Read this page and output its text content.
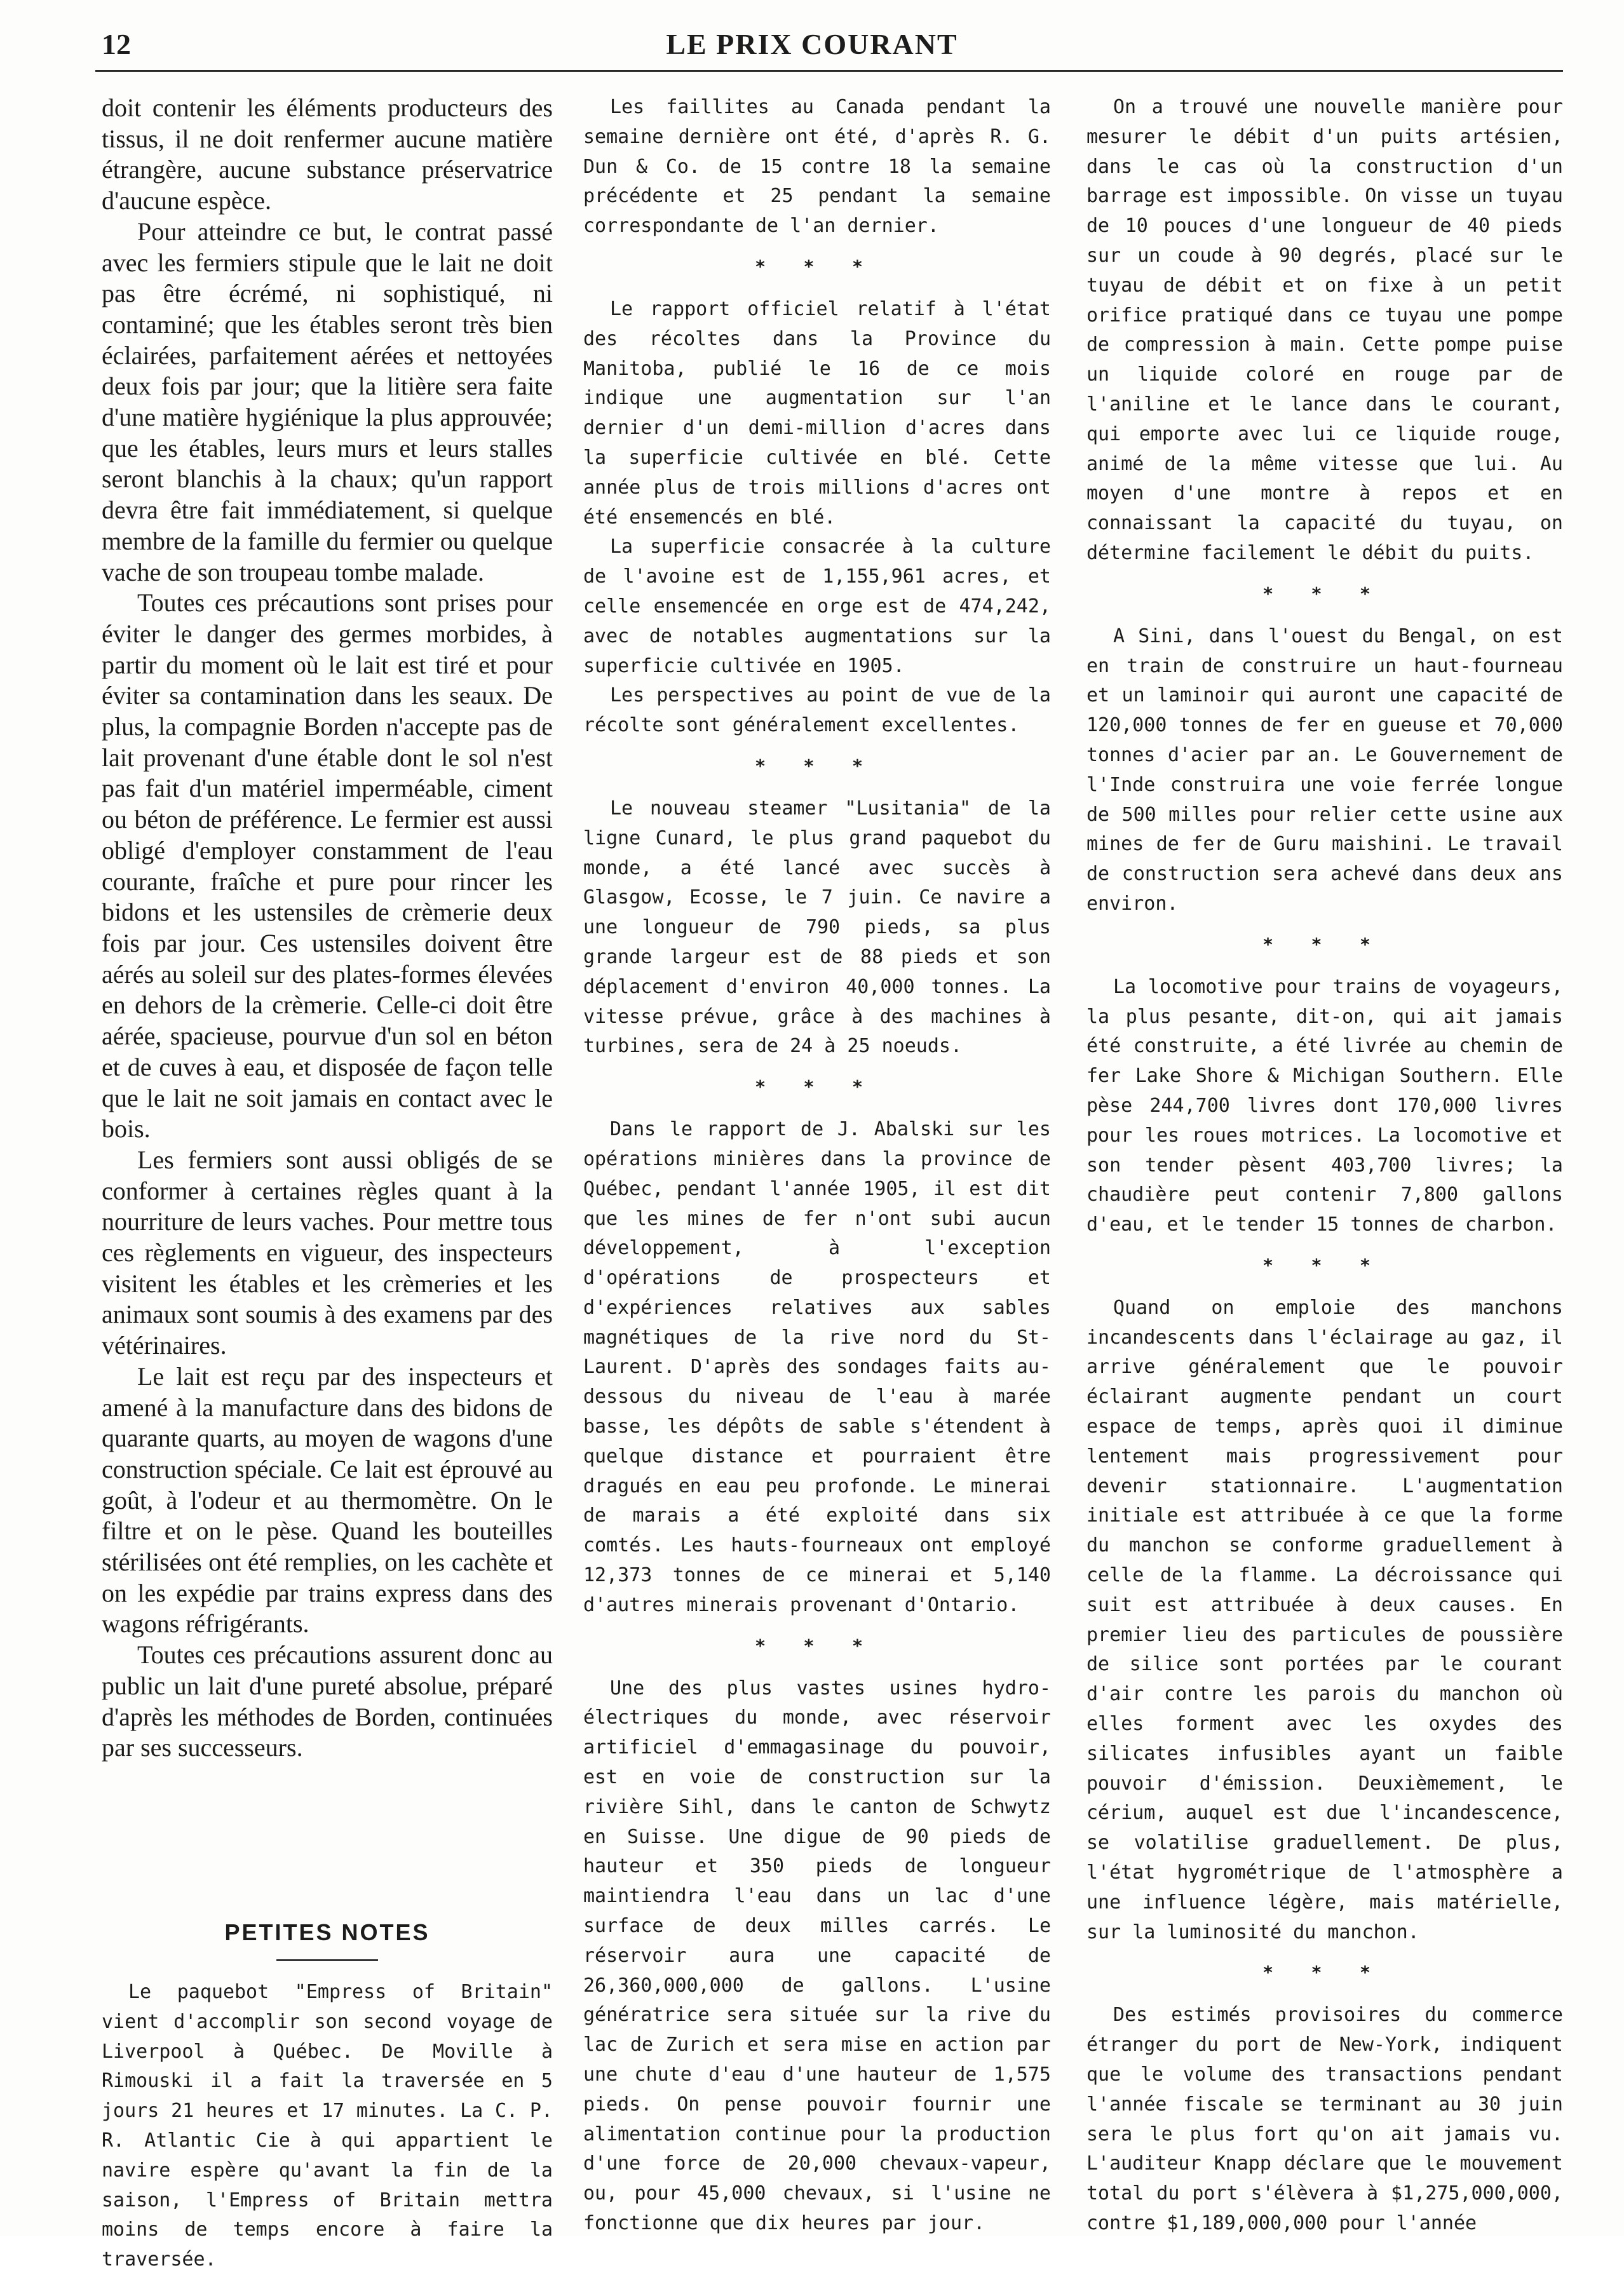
12	LE PRIX COURANT

doit contenir les éléments producteurs des tissus, il ne doit renfermer aucune matière étrangère, aucune substance préservatrice d'aucune espèce.

Pour atteindre ce but, le contrat passé avec les fermiers stipule que le lait ne doit pas être écrémé, ni sophistiqué, ni contaminé; que les étables seront très bien éclairées, parfaitement aérées et nettoyées deux fois par jour; que la litière sera faite d'une matière hygiénique la plus approuvée; que les étables, leurs murs et leurs stalles seront blanchis à la chaux; qu'un rapport devra être fait immédiatement, si quelque membre de la famille du fermier ou quelque vache de son troupeau tombe malade.

Toutes ces précautions sont prises pour éviter le danger des germes morbides, à partir du moment où le lait est tiré et pour éviter sa contamination dans les seaux. De plus, la compagnie Borden n'accepte pas de lait provenant d'une étable dont le sol n'est pas fait d'un matériel imperméable, ciment ou béton de préférence. Le fermier est aussi obligé d'employer constamment de l'eau courante, fraîche et pure pour rincer les bidons et les ustensiles de crèmerie deux fois par jour. Ces ustensiles doivent être aérés au soleil sur des plates-formes élevées en dehors de la crèmerie. Celle-ci doit être aérée, spacieuse, pourvue d'un sol en béton et de cuves à eau, et disposée de façon telle que le lait ne soit jamais en contact avec le bois.

Les fermiers sont aussi obligés de se conformer à certaines règles quant à la nourriture de leurs vaches. Pour mettre tous ces règlements en vigueur, des inspecteurs visitent les étables et les crèmeries et les animaux sont soumis à des examens par des vétérinaires.

Le lait est reçu par des inspecteurs et amené à la manufacture dans des bidons de quarante quarts, au moyen de wagons d'une construction spéciale. Ce lait est éprouvé au goût, à l'odeur et au thermomètre. On le filtre et on le pèse. Quand les bouteilles stérilisées ont été remplies, on les cachète et on les expédie par trains express dans des wagons réfrigérants.

Toutes ces précautions assurent donc au public un lait d'une pureté absolue, préparé d'après les méthodes de Borden, continuées par ses successeurs.

PETITES NOTES

Le paquebot "Empress of Britain" vient d'accomplir son second voyage de Liverpool à Québec. De Moville à Rimouski il a fait la traversée en 5 jours 21 heures et 17 minutes. La C. P. R. Atlantic Cie à qui appartient le navire espère qu'avant la fin de la saison, l'Empress of Britain mettra moins de temps encore à faire la traversée.

Les faillites au Canada pendant la semaine dernière ont été, d'après R. G. Dun & Co. de 15 contre 18 la semaine précédente et 25 pendant la semaine correspondante de l'an dernier.

* * *

Le rapport officiel relatif à l'état des récoltes dans la Province du Manitoba, publié le 16 de ce mois indique une augmentation sur l'an dernier d'un demi-million d'acres dans la superficie cultivée en blé. Cette année plus de trois millions d'acres ont été ensemencés en blé.

La superficie consacrée à la culture de l'avoine est de 1,155,961 acres, et celle ensemencée en orge est de 474,242, avec de notables augmentations sur la superficie cultivée en 1905.

Les perspectives au point de vue de la récolte sont généralement excellentes.

* * *

Le nouveau steamer "Lusitania" de la ligne Cunard, le plus grand paquebot du monde, a été lancé avec succès à Glasgow, Ecosse, le 7 juin. Ce navire a une longueur de 790 pieds, sa plus grande largeur est de 88 pieds et son déplacement d'environ 40,000 tonnes. La vitesse prévue, grâce à des machines à turbines, sera de 24 à 25 noeuds.

* * *

Dans le rapport de J. Abalski sur les opérations minières dans la province de Québec, pendant l'année 1905, il est dit que les mines de fer n'ont subi aucun développement, à l'exception d'opérations de prospecteurs et d'expériences relatives aux sables magnétiques de la rive nord du St-Laurent. D'après des sondages faits au-dessous du niveau de l'eau à marée basse, les dépôts de sable s'étendent à quelque distance et pourraient être dragués en eau peu profonde. Le minerai de marais a été exploité dans six comtés. Les hauts-fourneaux ont employé 12,373 tonnes de ce minerai et 5,140 d'autres minerais provenant d'Ontario.

* * *

Une des plus vastes usines hydro-électriques du monde, avec réservoir artificiel d'emmagasinage du pouvoir, est en voie de construction sur la rivière Sihl, dans le canton de Schwytz en Suisse. Une digue de 90 pieds de hauteur et 350 pieds de longueur maintiendra l'eau dans un lac d'une surface de deux milles carrés. Le réservoir aura une capacité de 26,360,000,000 de gallons. L'usine génératrice sera située sur la rive du lac de Zurich et sera mise en action par une chute d'eau d'une hauteur de 1,575 pieds. On pense pouvoir fournir une alimentation continue pour la production d'une force de 20,000 chevaux-vapeur, ou, pour 45,000 chevaux, si l'usine ne fonctionne que dix heures par jour.

On a trouvé une nouvelle manière pour mesurer le débit d'un puits artésien, dans le cas où la construction d'un barrage est impossible. On visse un tuyau de 10 pouces d'une longueur de 40 pieds sur un coude à 90 degrés, placé sur le tuyau de débit et on fixe à un petit orifice pratiqué dans ce tuyau une pompe de compression à main. Cette pompe puise un liquide coloré en rouge par de l'aniline et le lance dans le courant, qui emporte avec lui ce liquide rouge, animé de la même vitesse que lui. Au moyen d'une montre à repos et en connaissant la capacité du tuyau, on détermine facilement le débit du puits.

* * *

A Sini, dans l'ouest du Bengal, on est en train de construire un haut-fourneau et un laminoir qui auront une capacité de 120,000 tonnes de fer en gueuse et 70,000 tonnes d'acier par an. Le Gouvernement de l'Inde construira une voie ferrée longue de 500 milles pour relier cette usine aux mines de fer de Guru maishini. Le travail de construction sera achevé dans deux ans environ.

* * *

La locomotive pour trains de voyageurs, la plus pesante, dit-on, qui ait jamais été construite, a été livrée au chemin de fer Lake Shore & Michigan Southern. Elle pèse 244,700 livres dont 170,000 livres pour les roues motrices. La locomotive et son tender pèsent 403,700 livres; la chaudière peut contenir 7,800 gallons d'eau, et le tender 15 tonnes de charbon.

* * *

Quand on emploie des manchons incandescents dans l'éclairage au gaz, il arrive généralement que le pouvoir éclairant augmente pendant un court espace de temps, après quoi il diminue lentement mais progressivement pour devenir stationnaire. L'augmentation initiale est attribuée à ce que la forme du manchon se conforme graduellement à celle de la flamme. La décroissance qui suit est attribuée à deux causes. En premier lieu des particules de poussière de silice sont portées par le courant d'air contre les parois du manchon où elles forment avec les oxydes des silicates infusibles ayant un faible pouvoir d'émission. Deuxièmement, le cérium, auquel est due l'incandescence, se volatilise graduellement. De plus, l'état hygrométrique de l'atmosphère a une influence légère, mais matérielle, sur la luminosité du manchon.

* * *

Des estimés provisoires du commerce étranger du port de New-York, indiquent que le volume des transactions pendant l'année fiscale se terminant au 30 juin sera le plus fort qu'on ait jamais vu. L'auditeur Knapp déclare que le mouvement total du port s'élèvera à $1,275,000,000, contre $1,189,000,000 pour l'année
